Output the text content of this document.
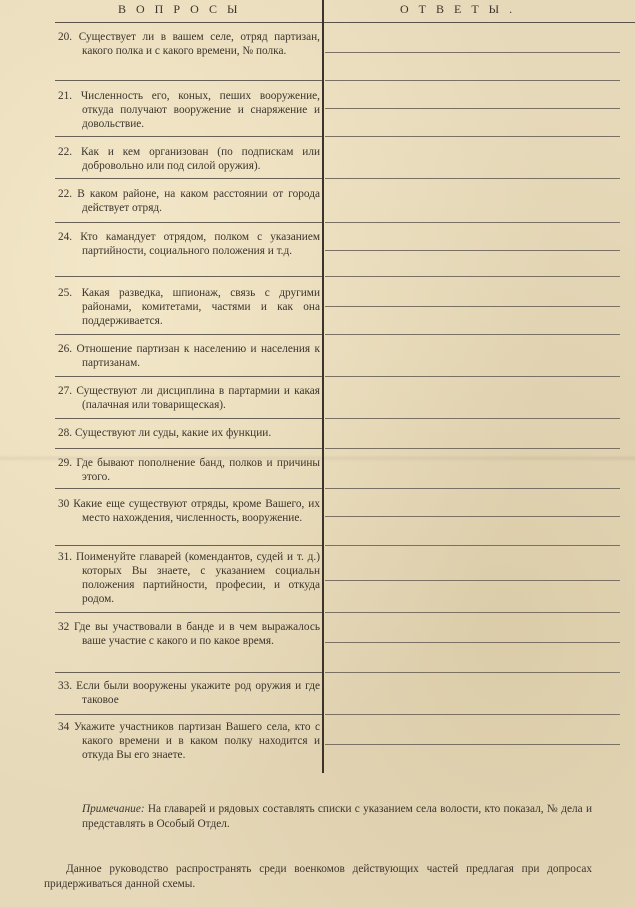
ВОПРОСЫ	ОТВЕТЫ.
20. Существует ли в вашем селе, отряд партизан, какого полка и с какого времени, № полка.
21. Численность его, коных, пеших вооружение, откуда получают вооружение и снаряжение и довольствие.
22. Как и кем организован (по подпискам или добровольно или под силой оружия).
22. В каком районе, на каком расстоянии от города действует отряд.
24. Кто камандует отрядом, полком с указанием партийности, социального положения и т.д.
25. Какая разведка, шпионаж, связь с другими районами, комитетами, частями и как она поддерживается.
26. Отношение партизан к населению и населения к партизанам.
27. Существуют ли дисциплина в партармии и какая (палачная или товарищеская).
28. Существуют ли суды, какие их функции.
29. Где бывают пополнение банд, полков и причины этого.
30 Какие еще существуют отряды, кроме Вашего, их место нахождения, численность, вооружение.
31. Поименуйте главарей (комендантов, судей и т. д.) которых Вы знаете, с указанием социальн положения партийности, професии, и откуда родом.
32 Где вы участвовали в банде и в чем выражалось ваше участие с какого и по какое время.
33. Если были вооружены укажите род оружия и где таковое
34 Укажите участников партизан Вашего села, кто с какого времени и в каком полку находится и откуда Вы его знаете.
Примечание: На главарей и рядовых составлять списки с указанием села волости, кто показал, № дела и представлять в Особый Отдел.
Данное руководство распространять среди военкомов действующих частей предлагая при допросах придерживаться данной схемы.
